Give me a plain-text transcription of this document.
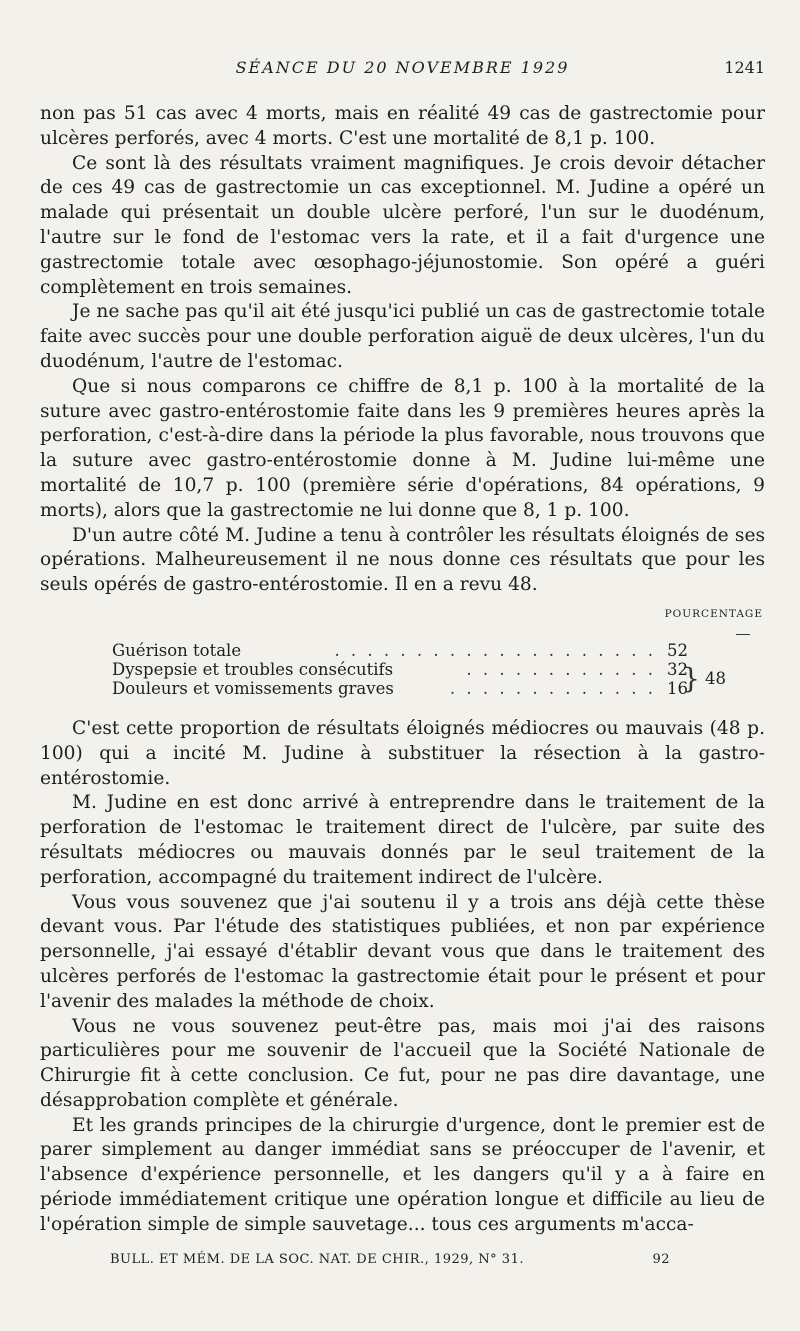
SÉANCE DU 20 NOVEMBRE 1929	1241

non pas 51 cas avec 4 morts, mais en réalité 49 cas de gastrectomie pour ulcères perforés, avec 4 morts. C'est une mortalité de 8,1 p. 100.

Ce sont là des résultats vraiment magnifiques. Je crois devoir détacher de ces 49 cas de gastrectomie un cas exceptionnel. M. Judine a opéré un malade qui présentait un double ulcère perforé, l'un sur le duodénum, l'autre sur le fond de l'estomac vers la rate, et il a fait d'urgence une gastrectomie totale avec œsophago-jéjunostomie. Son opéré a guéri complètement en trois semaines.

Je ne sache pas qu'il ait été jusqu'ici publié un cas de gastrectomie totale faite avec succès pour une double perforation aiguë de deux ulcères, l'un du duodénum, l'autre de l'estomac.

Que si nous comparons ce chiffre de 8,1 p. 100 à la mortalité de la suture avec gastro-entérostomie faite dans les 9 premières heures après la perforation, c'est-à-dire dans la période la plus favorable, nous trouvons que la suture avec gastro-entérostomie donne à M. Judine lui-même une mortalité de 10,7 p. 100 (première série d'opérations, 84 opérations, 9 morts), alors que la gastrectomie ne lui donne que 8, 1 p. 100.

D'un autre côté M. Judine a tenu à contrôler les résultats éloignés de ses opérations. Malheureusement il ne nous donne ces résultats que pour les seuls opérés de gastro-entérostomie. Il en a revu 48.

POURCENTAGE
Guérison totale	. . . . . . . . . . . . . . . . . . . . 52
Dyspepsie et troubles consécutifs	. . . . . . . . . . . . 32
Douleurs et vomissements graves	. . . . . . . . . . . . . 16
} 48

C'est cette proportion de résultats éloignés médiocres ou mauvais (48 p. 100) qui a incité M. Judine à substituer la résection à la gastro-entérostomie.

M. Judine en est donc arrivé à entreprendre dans le traitement de la perforation de l'estomac le traitement direct de l'ulcère, par suite des résultats médiocres ou mauvais donnés par le seul traitement de la perforation, accompagné du traitement indirect de l'ulcère.

Vous vous souvenez que j'ai soutenu il y a trois ans déjà cette thèse devant vous. Par l'étude des statistiques publiées, et non par expérience personnelle, j'ai essayé d'établir devant vous que dans le traitement des ulcères perforés de l'estomac la gastrectomie était pour le présent et pour l'avenir des malades la méthode de choix.

Vous ne vous souvenez peut-être pas, mais moi j'ai des raisons particulières pour me souvenir de l'accueil que la Société Nationale de Chirurgie fit à cette conclusion. Ce fut, pour ne pas dire davantage, une désapprobation complète et générale.

Et les grands principes de la chirurgie d'urgence, dont le premier est de parer simplement au danger immédiat sans se préoccuper de l'avenir, et l'absence d'expérience personnelle, et les dangers qu'il y a à faire en période immédiatement critique une opération longue et difficile au lieu de l'opération simple de simple sauvetage... tous ces arguments m'acca-

BULL. ET MÉM. DE LA SOC. NAT. DE CHIR., 1929, N° 31.	92
